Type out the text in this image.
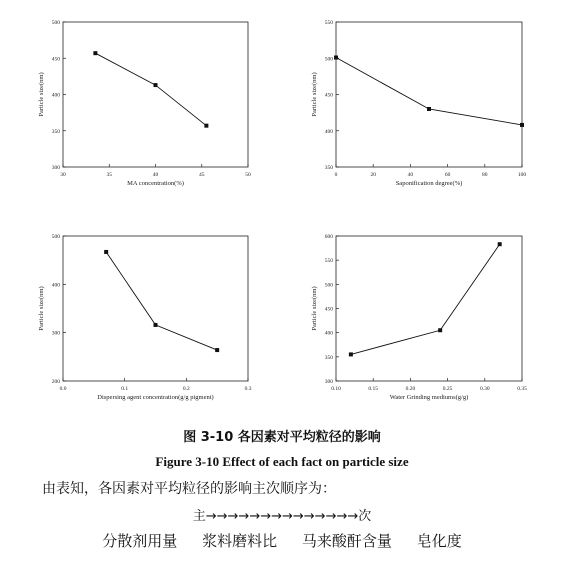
30	35	40	45	50
300
350
400
450
500
MA concentration(%)
Particle size(nm)
0	20	40	60	80	100
350
400
450
500
550
Saponification degree(%)
Particle size(nm)
0.0	0.1	0.2	0.3
200
300
400
500
Dispersing agent concentration(g/g pigment)
Particle size(nm)
0.10	0.15	0.20	0.25	0.30	0.35
300
350
400
450
500
550
600
Water Grinding mediums(g/g)
Particle size(nm)
图 3-10 各因素对平均粒径的影响
Figure 3-10 Effect of each fact on particle size
由表知，各因素对平均粒径的影响主次顺序为：
主→→→→→→→→→→→→→→次
分散剂用量 浆料磨料比 马来酸酐含量 皂化度
